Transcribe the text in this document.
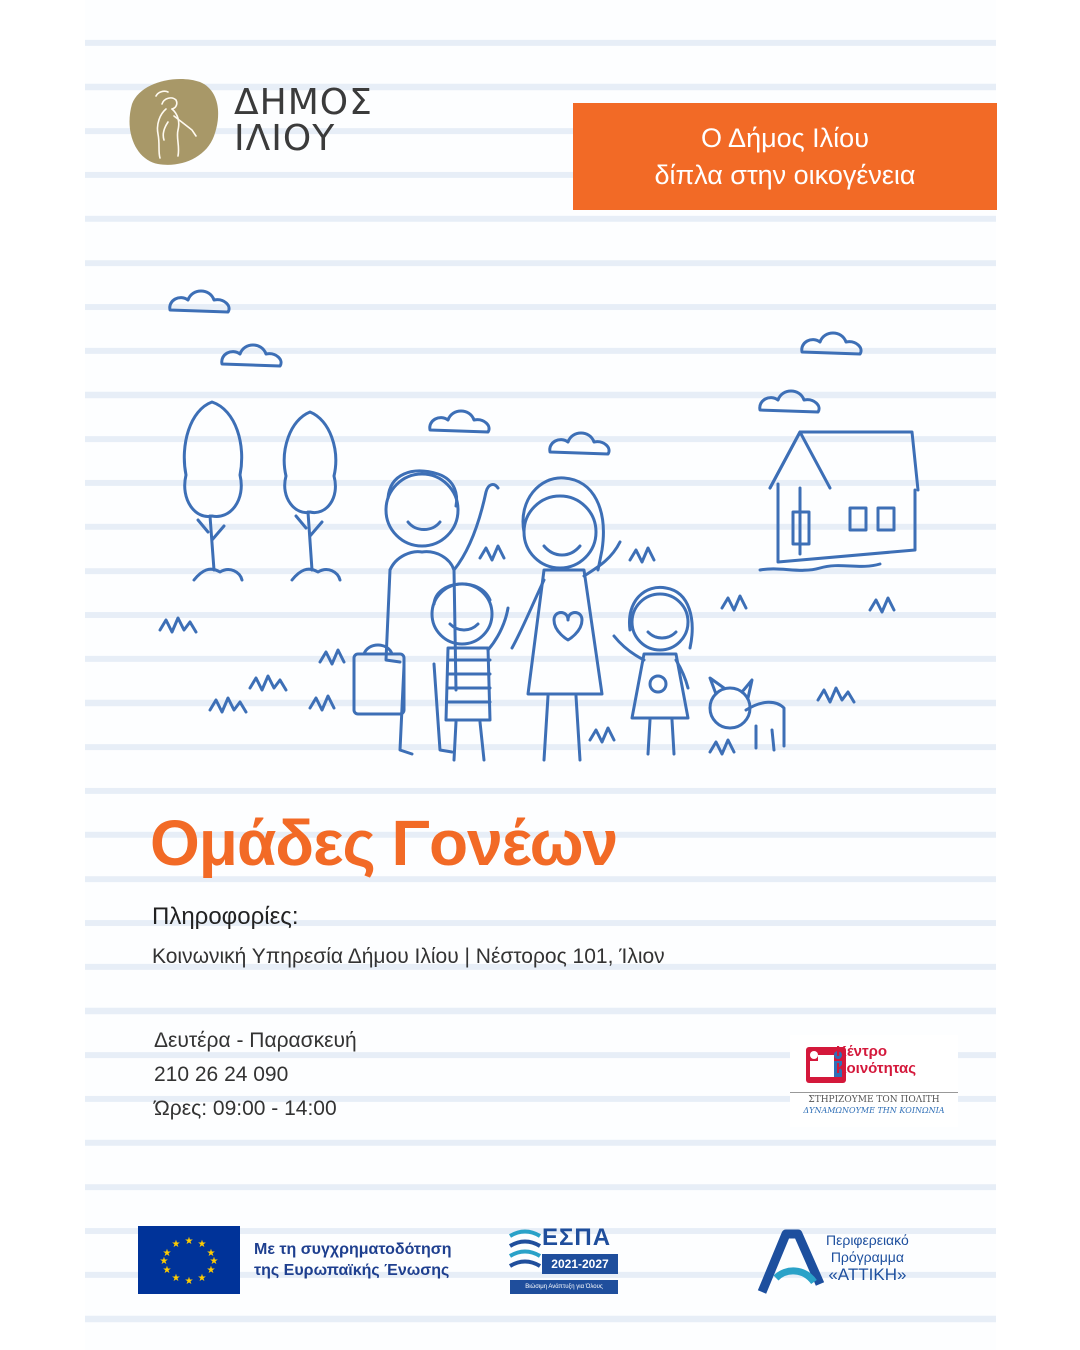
ΔΗΜΟΣ
ΙΛΙΟΥ	Ο Δήμος Ιλίου
δίπλα στην οικογένεια
Ομάδες Γονέων
Πληροφορίες:
Κοινωνική Υπηρεσία Δήμου Ιλίου | Νέστορος 101, Ίλιον
Δευτέρα - Παρασκευή
210 26 24 090
Ώρες: 09:00 - 14:00
Κέντρο
Κοινότητας
ΣΤΗΡΙΖΟΥΜΕ ΤΟΝ ΠΟΛΙΤΗ
ΔΥΝΑΜΩΝΟΥΜΕ ΤΗΝ ΚΟΙΝΩΝΙΑ
★ ★
★
★
★
★
★
★
★
★
★
★	Με τη συγχρηματοδότηση
της Ευρωπαϊκής Ένωσης
ΕΣΠΑ
2021-2027
Βιώσιμη Ανάπτυξη για Όλους
Περιφερειακό
Πρόγραμμα
«ΑΤΤΙΚΗ»
